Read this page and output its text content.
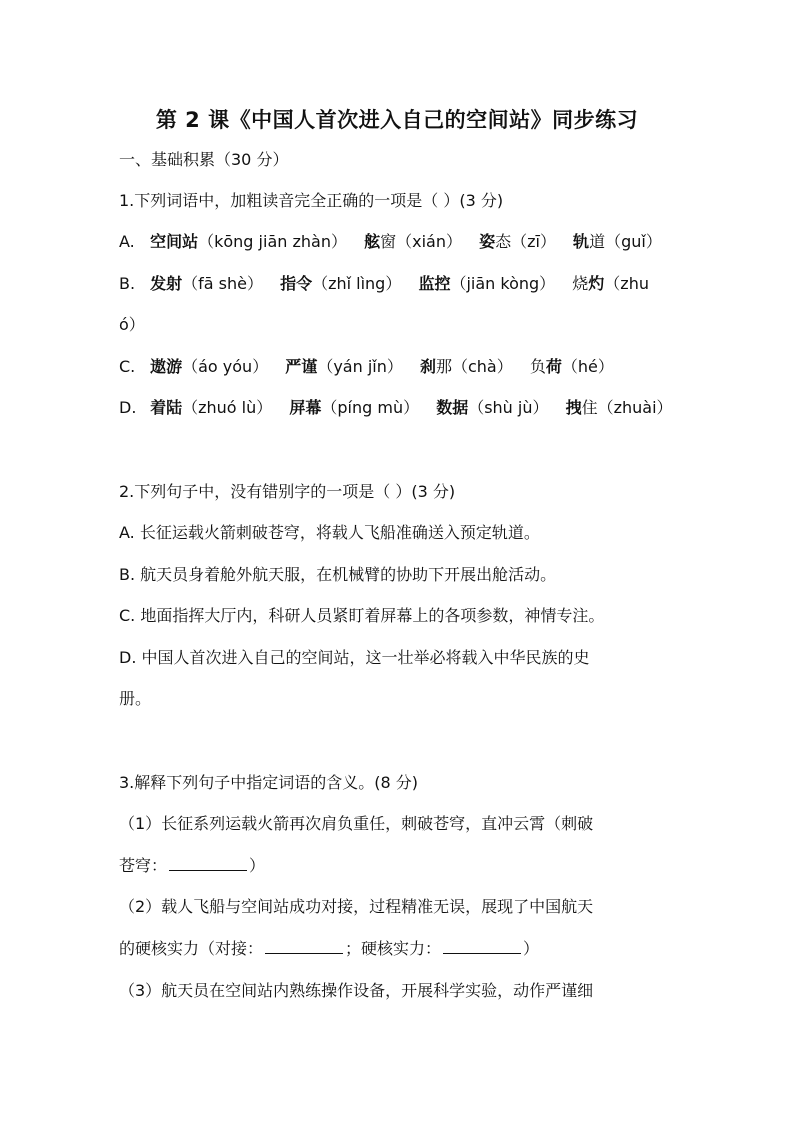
第 2 课《中国人首次进入自己的空间站》同步练习
一、基础积累（30 分）
1.下列词语中，加粗读音完全正确的一项是（ ）(3 分)
A. 空间站（kōng jiān zhàn） 舷窗（xián） 姿态（zī） 轨道（guǐ）
B. 发射（fā shè） 指令（zhǐ lìng） 监控（jiān kòng） 烧灼（zhu
ó）
C. 遨游（áo yóu） 严谨（yán jǐn） 刹那（chà） 负荷（hé）
D. 着陆（zhuó lù） 屏幕（píng mù） 数据（shù jù） 拽住（zhuài）
2.下列句子中，没有错别字的一项是（ ）(3 分)
A. 长征运载火箭刺破苍穹，将载人飞船准确送入预定轨道。
B. 航天员身着舱外航天服，在机械臂的协助下开展出舱活动。
C. 地面指挥大厅内，科研人员紧盯着屏幕上的各项参数，神情专注。
D. 中国人首次进入自己的空间站，这一壮举必将载入中华民族的史
册。
3.解释下列句子中指定词语的含义。(8 分)
（1）长征系列运载火箭再次肩负重任，刺破苍穹，直冲云霄（刺破
苍穹：	）
（2）载人飞船与空间站成功对接，过程精准无误，展现了中国航天
的硬核实力（对接：	；硬核实力：	）
（3）航天员在空间站内熟练操作设备，开展科学实验，动作严谨细
